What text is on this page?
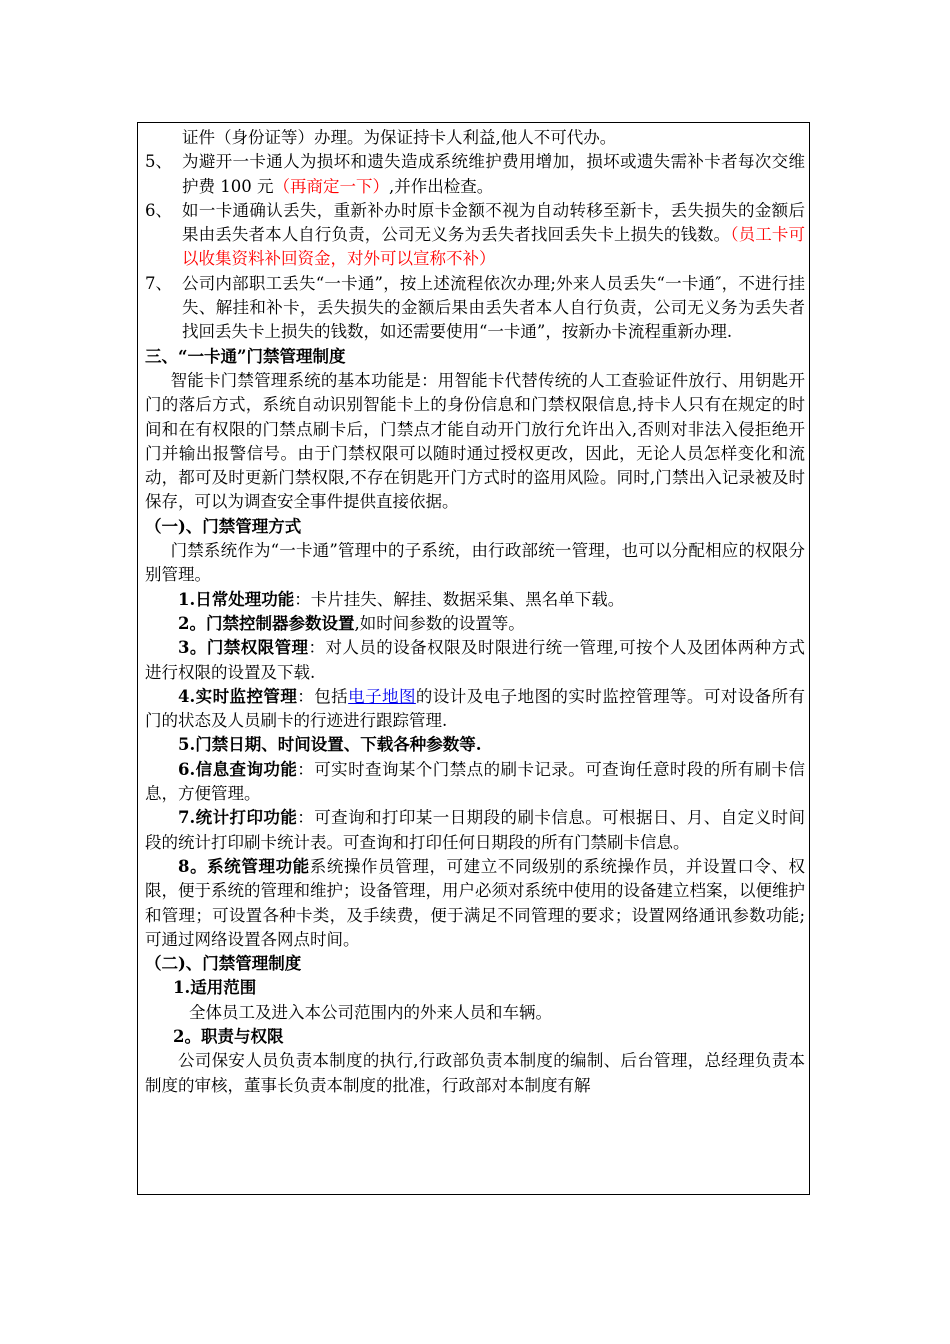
证件（身份证等）办理。为保证持卡人利益,他人不可代办。

5、 为避开一卡通人为损坏和遗失造成系统维护费用增加，损坏或遗失需补卡者每次交维护费 100 元（再商定一下）,并作出检查。
6、 如一卡通确认丢失，重新补办时原卡金额不视为自动转移至新卡，丢失损失的金额后果由丢失者本人自行负责，公司无义务为丢失者找回丢失卡上损失的钱数。（员工卡可以收集资料补回资金，对外可以宣称不补）
7、 公司内部职工丢失“一卡通”，按上述流程依次办理;外来人员丢失“一卡通″，不进行挂失、解挂和补卡，丢失损失的金额后果由丢失者本人自行负责，公司无义务为丢失者找回丢失卡上损失的钱数，如还需要使用“一卡通”，按新办卡流程重新办理.

三、“一卡通”门禁管理制度

智能卡门禁管理系统的基本功能是：用智能卡代替传统的人工查验证件放行、用钥匙开门的落后方式，系统自动识别智能卡上的身份信息和门禁权限信息,持卡人只有在规定的时间和在有权限的门禁点刷卡后，门禁点才能自动开门放行允许出入,否则对非法入侵拒绝开门并输出报警信号。由于门禁权限可以随时通过授权更改，因此，无论人员怎样变化和流动，都可及时更新门禁权限,不存在钥匙开门方式时的盗用风险。同时,门禁出入记录被及时保存，可以为调查安全事件提供直接依据。

（一)、门禁管理方式

门禁系统作为“一卡通”管理中的子系统，由行政部统一管理，也可以分配相应的权限分别管理。

1.日常处理功能：卡片挂失、解挂、数据采集、黑名单下载。

2。门禁控制器参数设置,如时间参数的设置等。

3。门禁权限管理：对人员的设备权限及时限进行统一管理,可按个人及团体两种方式进行权限的设置及下载.

4.实时监控管理：包括电子地图的设计及电子地图的实时监控管理等。可对设备所有门的状态及人员刷卡的行迹进行跟踪管理.

5.门禁日期、时间设置、下载各种参数等.

6.信息查询功能：可实时查询某个门禁点的刷卡记录。可查询任意时段的所有刷卡信息，方便管理。

7.统计打印功能：可查询和打印某一日期段的刷卡信息。可根据日、月、自定义时间段的统计打印刷卡统计表。可查询和打印任何日期段的所有门禁刷卡信息。

8。系统管理功能系统操作员管理，可建立不同级别的系统操作员，并设置口令、权限，便于系统的管理和维护；设备管理，用户必须对系统中使用的设备建立档案，以便维护和管理；可设置各种卡类，及手续费，便于满足不同管理的要求；设置网络通讯参数功能;可通过网络设置各网点时间。

（二)、门禁管理制度

1.适用范围

全体员工及进入本公司范围内的外来人员和车辆。

2。职责与权限

公司保安人员负责本制度的执行,行政部负责本制度的编制、后台管理，总经理负责本制度的审核，董事长负责本制度的批准，行政部对本制度有解
